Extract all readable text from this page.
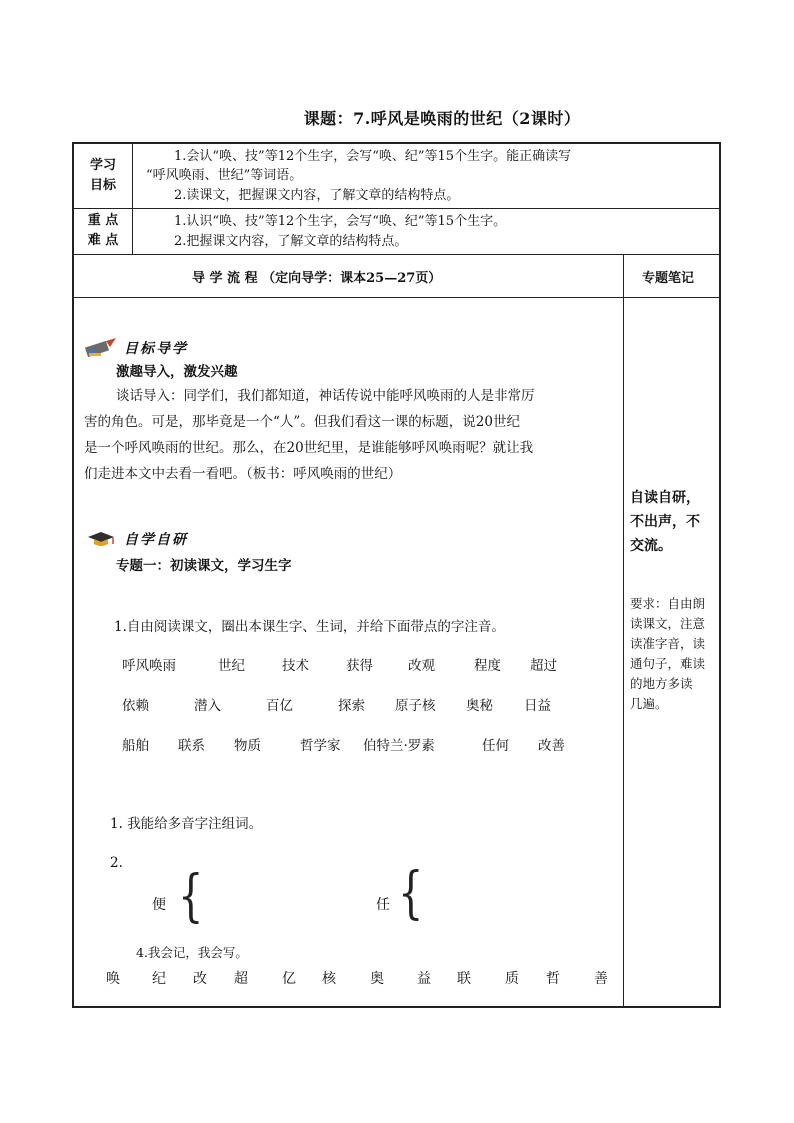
课题：7.呼风是唤雨的世纪（2课时）
学习
目标
1.会认“唤、技”等12个生字，会写“唤、纪”等15个生字。能正确读写
“呼风唤雨、世纪”等词语。
2.读课文，把握课文内容，了解文章的结构特点。
重 点
难 点
1.认识“唤、技”等12个生字，会写“唤、纪”等15个生字。
2.把握课文内容，了解文章的结构特点。
导 学 流 程 （定向导学：课本25—27页）	专题笔记
目标导学
激趣导入，激发兴趣
谈话导入：同学们，我们都知道，神话传说中能呼风唤雨的人是非常厉
害的角色。可是，那毕竟是一个“人”。但我们看这一课的标题，说20世纪
是一个呼风唤雨的世纪。那么，在20世纪里，是谁能够呼风唤雨呢？就让我
们走进本文中去看一看吧。（板书：呼风唤雨的世纪）
自学自研
专题一：初读课文，学习生字
1.自由阅读课文，圈出本课生字、生词，并给下面带点的字注音。
呼风唤雨	世纪	技术	获得	改观	程度 超过
依赖	潜入	百亿	探索 原子核 奥秘 日益
船舶 联系 物质	哲学家 伯特兰·罗素	任何 改善
1. 我能给多音字注组词。
2.
便 {	任 {
4.我会记，我会写。
唤 纪 改 超 亿 核 奥 益 联 质 哲 善
自读自研，
不出声，不
交流。
要求：自由朗
读课文，注意
读准字音，读
通句子，难读
的地方多读
几遍。
